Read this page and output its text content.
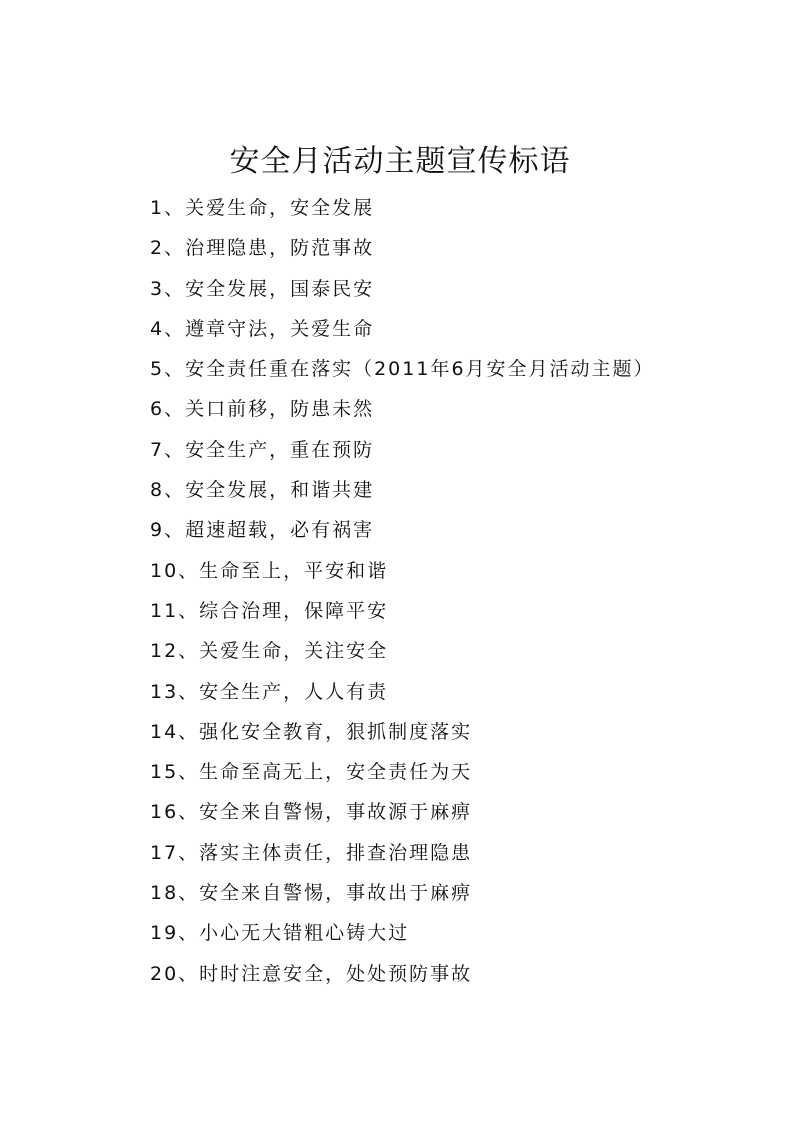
安全月活动主题宣传标语
1、关爱生命，安全发展
2、治理隐患，防范事故
3、安全发展，国泰民安
4、遵章守法，关爱生命
5、安全责任重在落实（2011年6月安全月活动主题）
6、关口前移，防患未然
7、安全生产，重在预防
8、安全发展，和谐共建
9、超速超载，必有祸害
10、生命至上，平安和谐
11、综合治理，保障平安
12、关爱生命，关注安全
13、安全生产，人人有责
14、强化安全教育，狠抓制度落实
15、生命至高无上，安全责任为天
16、安全来自警惕，事故源于麻痹
17、落实主体责任，排查治理隐患
18、安全来自警惕，事故出于麻痹
19、小心无大错粗心铸大过
20、时时注意安全，处处预防事故
